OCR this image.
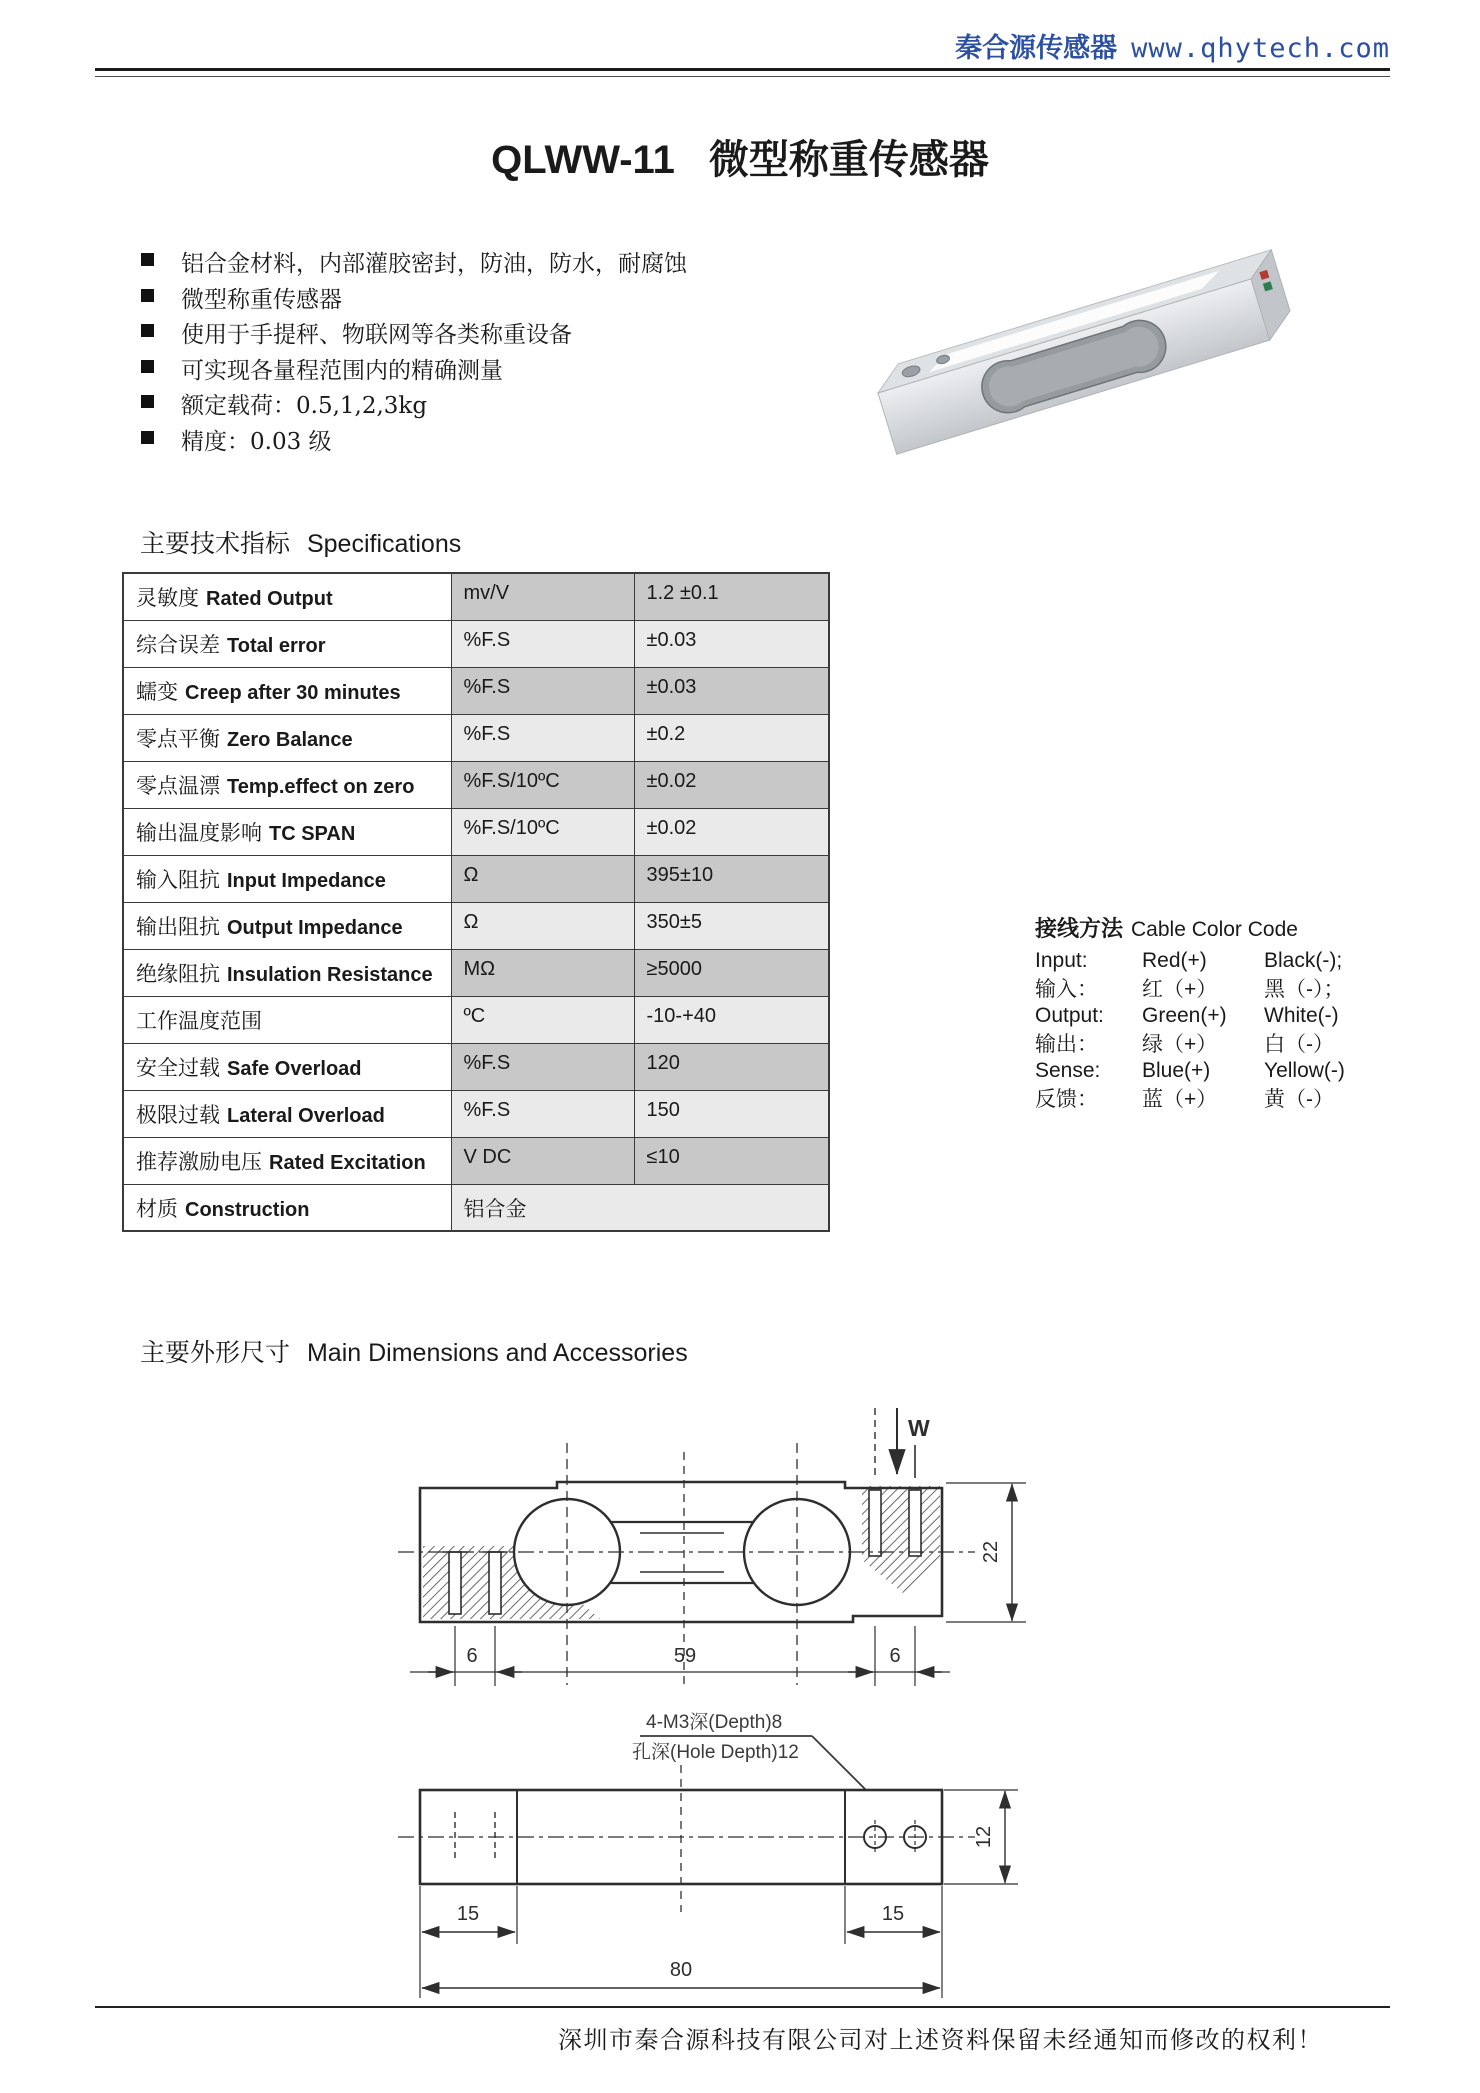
秦合源传感器 www.qhytech.com
QLWW-11 微型称重传感器
铝合金材料，内部灌胶密封，防油，防水，耐腐蚀
微型称重传感器
使用于手提秤、物联网等各类称重设备
可实现各量程范围内的精确测量
额定载荷：0.5,1,2,3kg
精度：0.03 级
主要技术指标 Specifications
灵敏度 Rated Output	mv/V	1.2 ±0.1
综合误差 Total error	%F.S	±0.03
蠕变 Creep after 30 minutes	%F.S	±0.03
零点平衡 Zero Balance	%F.S	±0.2
零点温漂 Temp.effect on zero	%F.S/10ºC	±0.02
输出温度影响 TC SPAN	%F.S/10ºC	±0.02
输入阻抗 Input Impedance	Ω	395±10
输出阻抗 Output Impedance	Ω	350±5
绝缘阻抗 Insulation Resistance	MΩ	≥5000
工作温度范围	ºC	-10-+40
安全过载 Safe Overload	%F.S	120
极限过载 Lateral Overload	%F.S	150
推荐激励电压 Rated Excitation	V DC	≤10
材质 Construction	铝合金	
接线方法 Cable Color Code
Input:	Red(+)	Black(-);
输入：	红（+）	黑（-）；
Output:	Green(+)	White(-)
输出：	绿（+）	白（-）
Sense:	Blue(+)	Yellow(-)
反馈：	蓝（+）	黄（-）
主要外形尺寸 Main Dimensions and Accessories
W
22
6	59	6
4-M3深(Depth)8
孔深(Hole Depth)12
12
15	15
80
深圳市秦合源科技有限公司对上述资料保留未经通知而修改的权利！
